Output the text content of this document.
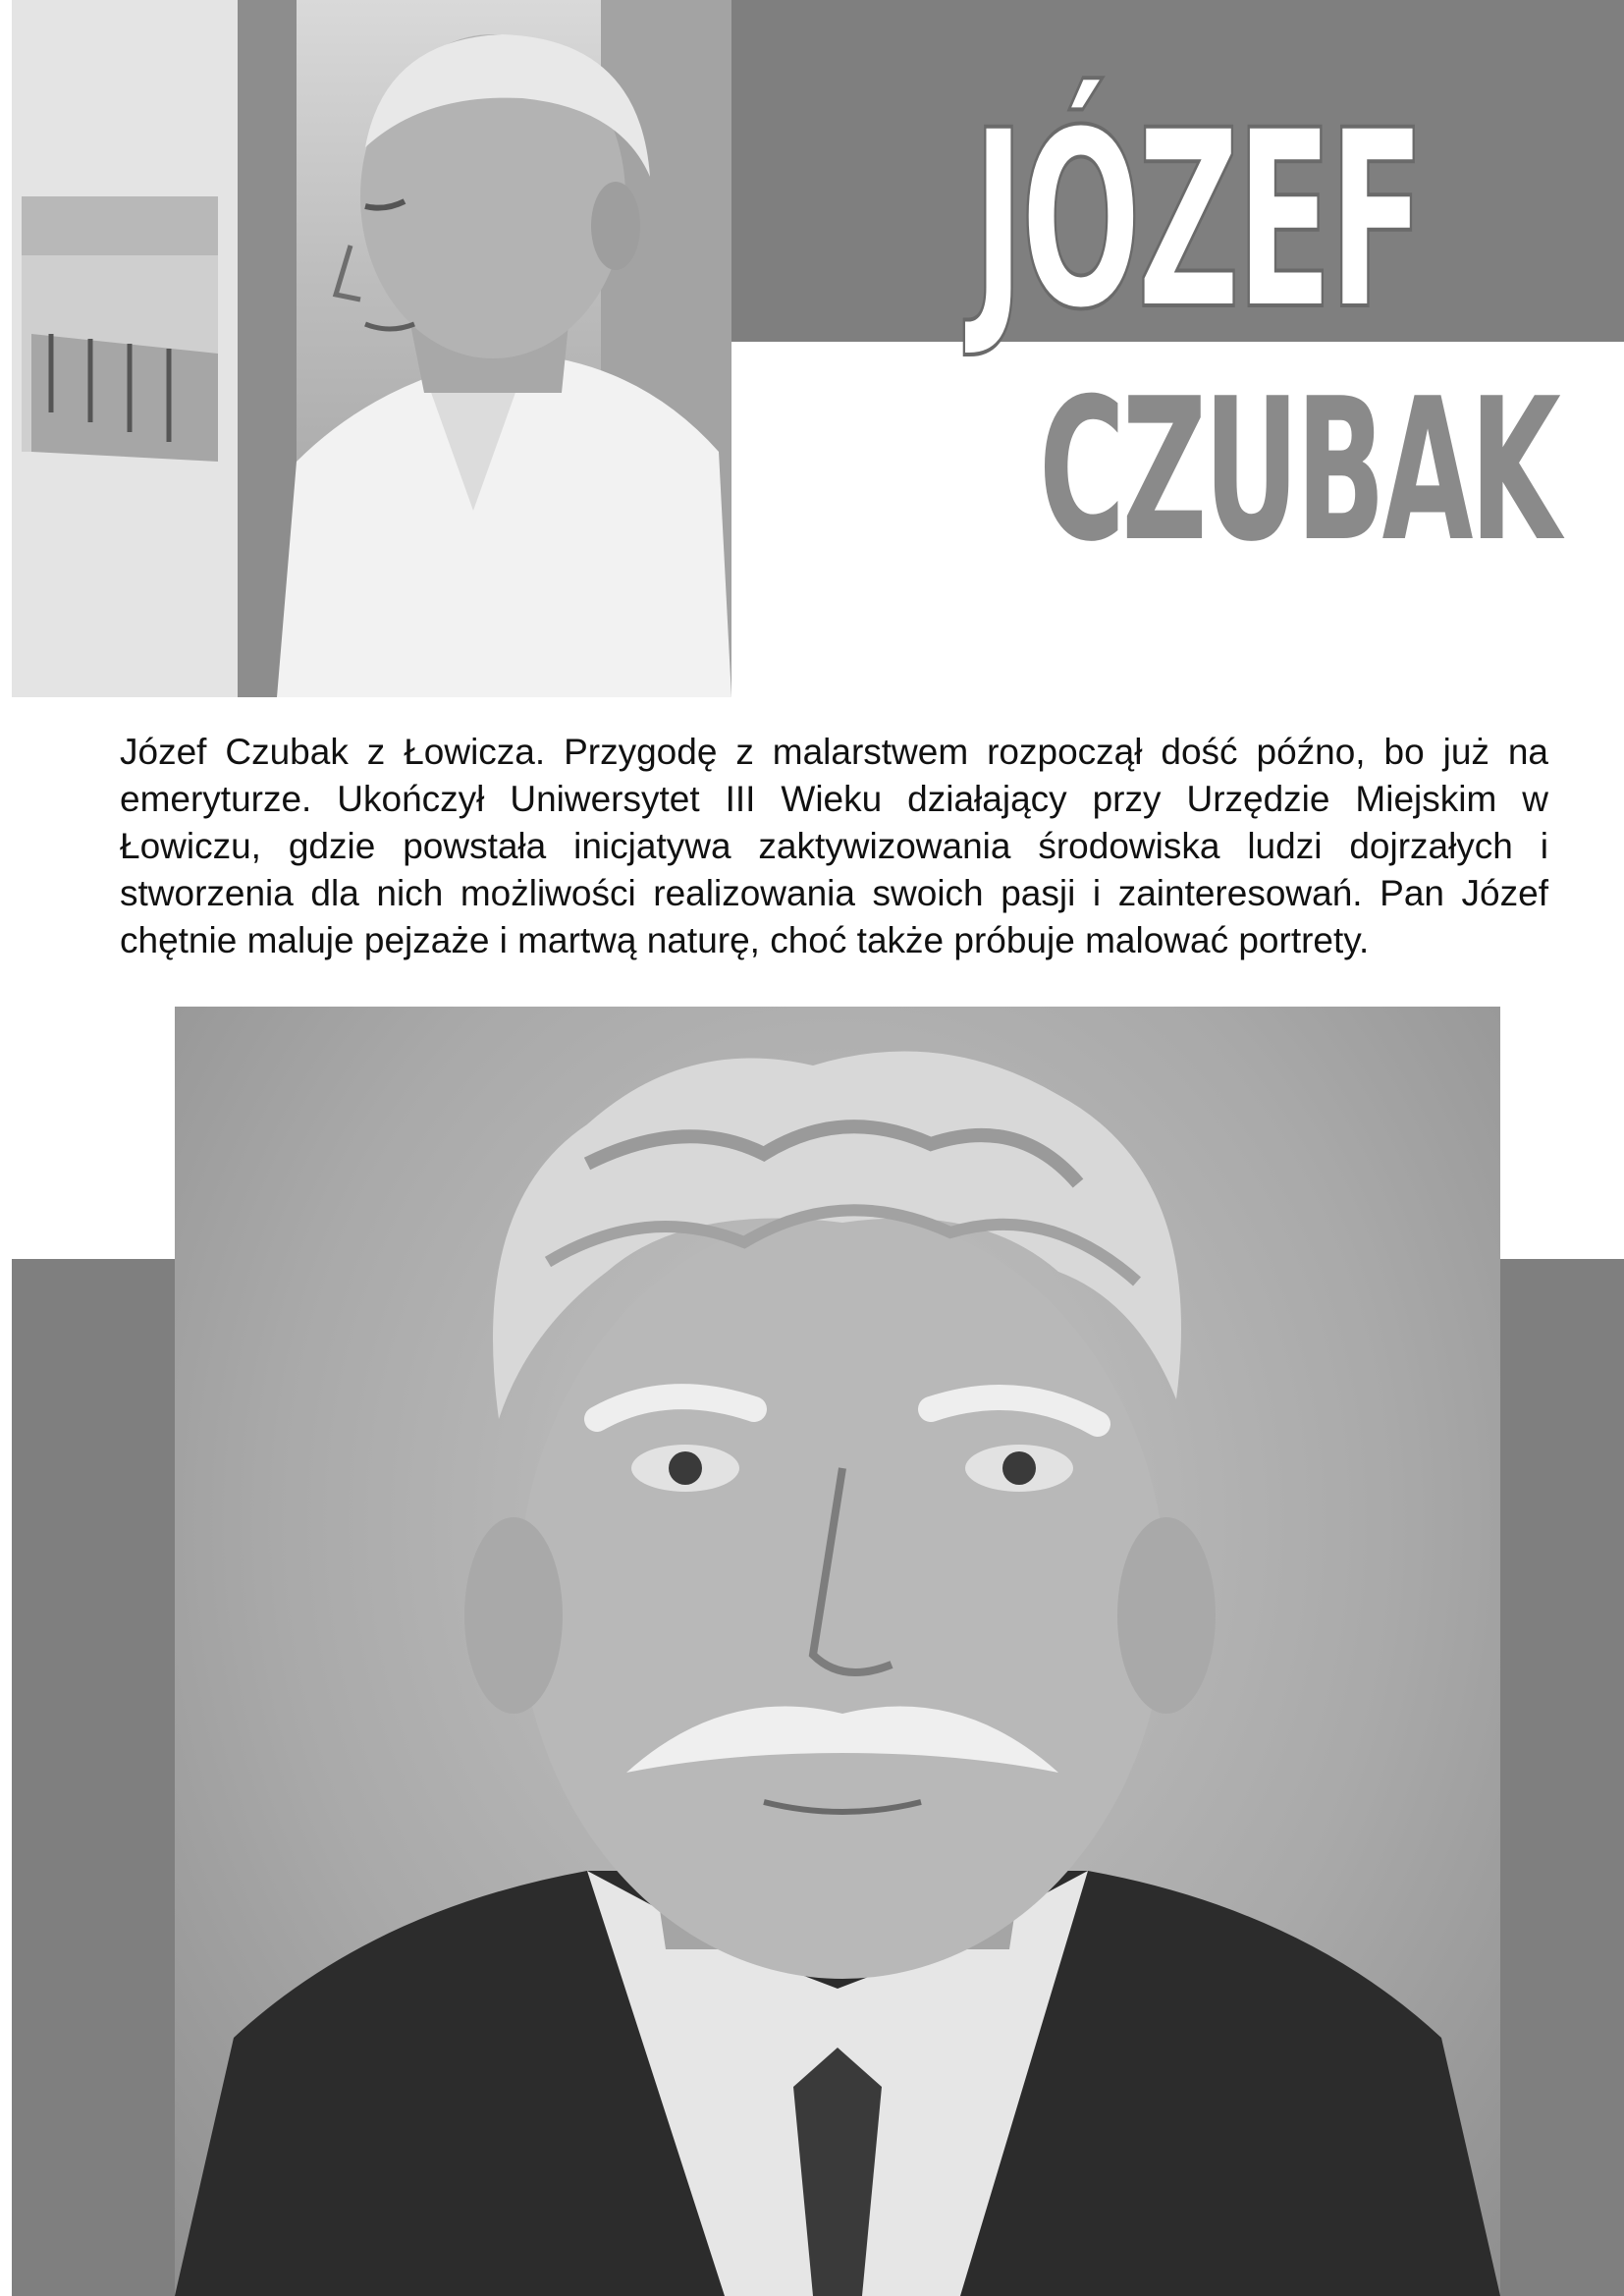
JÓZEF
CZUBAK

Józef Czubak z Łowicza. Przygodę z malarstwem rozpoczął dość późno, bo już na emeryturze. Ukończył Uniwersytet III Wieku działający przy Urzędzie Miejskim w Łowiczu, gdzie powstała inicjatywa zaktywizowania środowiska ludzi dojrzałych i stworzenia dla nich możliwości realizowania swoich pasji i zainteresowań. Pan Józef chętnie maluje pejzaże i martwą naturę, choć także próbuje malować portrety.
